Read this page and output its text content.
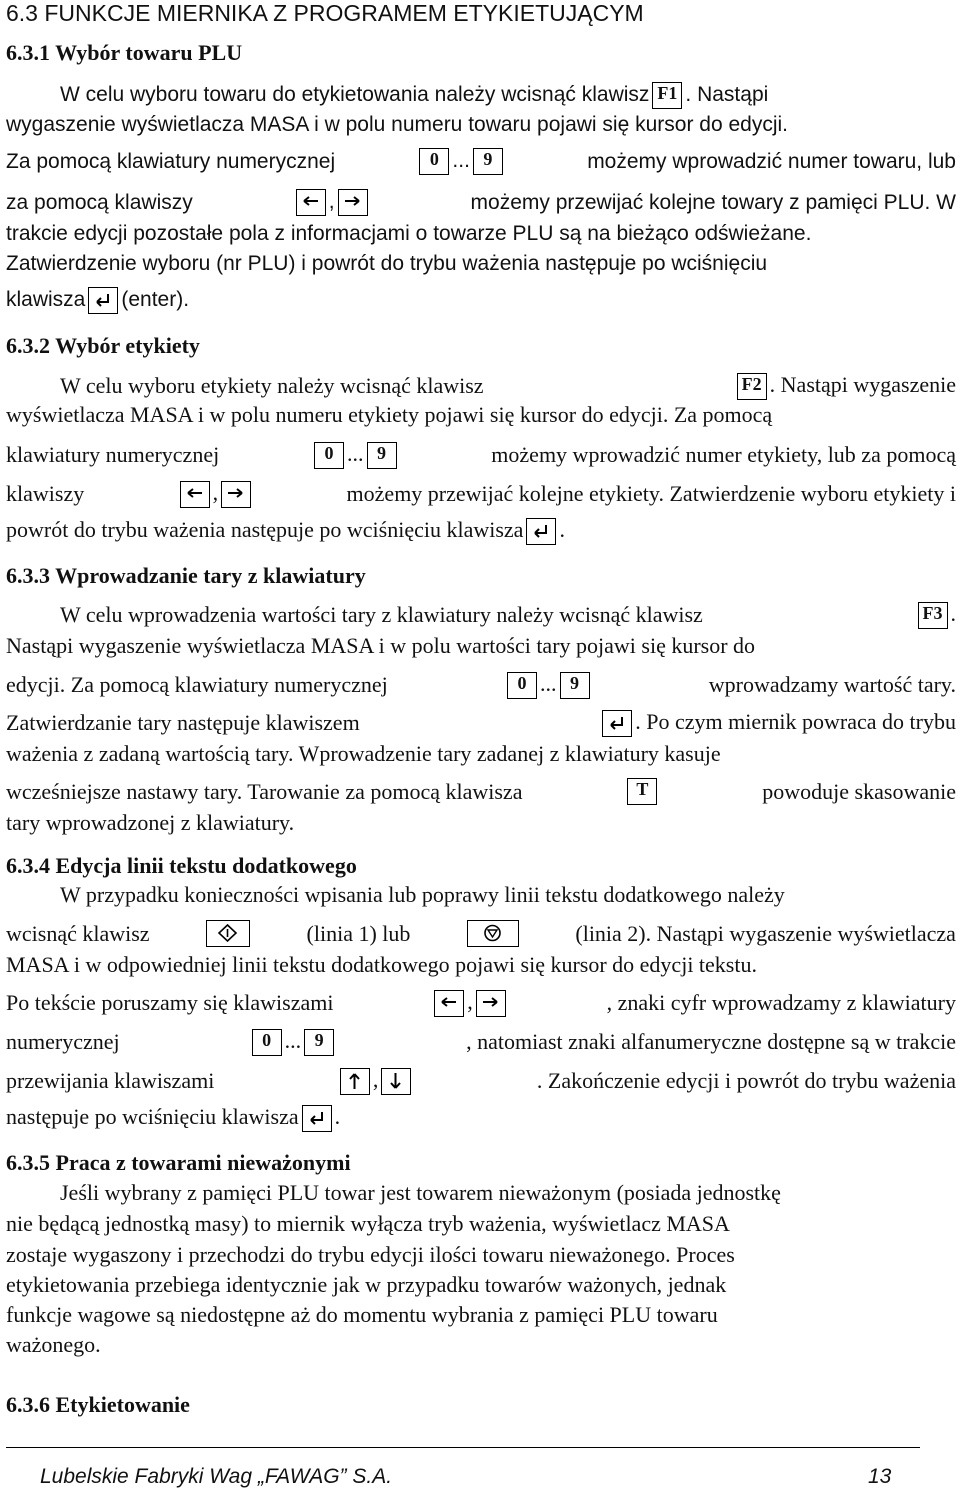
6.3 FUNKCJE MIERNIKA Z PROGRAMEM ETYKIETUJĄCYM
6.3.1 Wybór towaru PLU
W celu wyboru towaru do etykietowania należy wcisnąć klawisz F1 . Nastąpi
wygaszenie wyświetlacza MASA i w polu numeru towaru pojawi się kursor do edycji.
Za pomocą klawiatury numerycznej	0 ... 9	możemy wprowadzić numer towaru, lub
za pomocą klawiszy	,	możemy przewijać kolejne towary z pamięci PLU. W
trakcie edycji pozostałe pola z informacjami o towarze PLU są na bieżąco odświeżane.
Zatwierdzenie wyboru (nr PLU) i powrót do trybu ważenia następuje po wciśnięciu
klawisza (enter).
6.3.2 Wybór etykiety
W celu wyboru etykiety należy wcisnąć klawisz	F2 . Nastąpi wygaszenie
wyświetlacza MASA i w polu numeru etykiety pojawi się kursor do edycji. Za pomocą
klawiatury numerycznej	0 ... 9	możemy wprowadzić numer etykiety, lub za pomocą
klawiszy	,	możemy przewijać kolejne etykiety. Zatwierdzenie wyboru etykiety i
powrót do trybu ważenia następuje po wciśnięciu klawisza .
6.3.3 Wprowadzanie tary z klawiatury
W celu wprowadzenia wartości tary z klawiatury należy wcisnąć klawisz	F3 .
Nastąpi wygaszenie wyświetlacza MASA i w polu wartości tary pojawi się kursor do
edycji. Za pomocą klawiatury numerycznej	0 ... 9	wprowadzamy wartość tary.
Zatwierdzanie tary następuje klawiszem	. Po czym miernik powraca do trybu
ważenia z zadaną wartością tary. Wprowadzenie tary zadanej z klawiatury kasuje
wcześniejsze nastawy tary. Tarowanie za pomocą klawisza	T	powoduje skasowanie
tary wprowadzonej z klawiatury.
6.3.4 Edycja linii tekstu dodatkowego
W przypadku konieczności wpisania lub poprawy linii tekstu dodatkowego należy
wcisnąć klawisz	(linia 1) lub	(linia 2). Nastąpi wygaszenie wyświetlacza
MASA i w odpowiedniej linii tekstu dodatkowego pojawi się kursor do edycji tekstu.
Po tekście poruszamy się klawiszami	,	, znaki cyfr wprowadzamy z klawiatury
numerycznej	0 ... 9	, natomiast znaki alfanumeryczne dostępne są w trakcie
przewijania klawiszami	,	. Zakończenie edycji i powrót do trybu ważenia
następuje po wciśnięciu klawisza .
6.3.5 Praca z towarami nieważonymi
Jeśli wybrany z pamięci PLU towar jest towarem nieważonym (posiada jednostkę
nie będącą jednostką masy) to miernik wyłącza tryb ważenia, wyświetlacz MASA
zostaje wygaszony i przechodzi do trybu edycji ilości towaru nieważonego. Proces
etykietowania przebiega identycznie jak w przypadku towarów ważonych, jednak
funkcje wagowe są niedostępne aż do momentu wybrania z pamięci PLU towaru
ważonego.
6.3.6 Etykietowanie
Lubelskie Fabryki Wag „FAWAG” S.A.	13
